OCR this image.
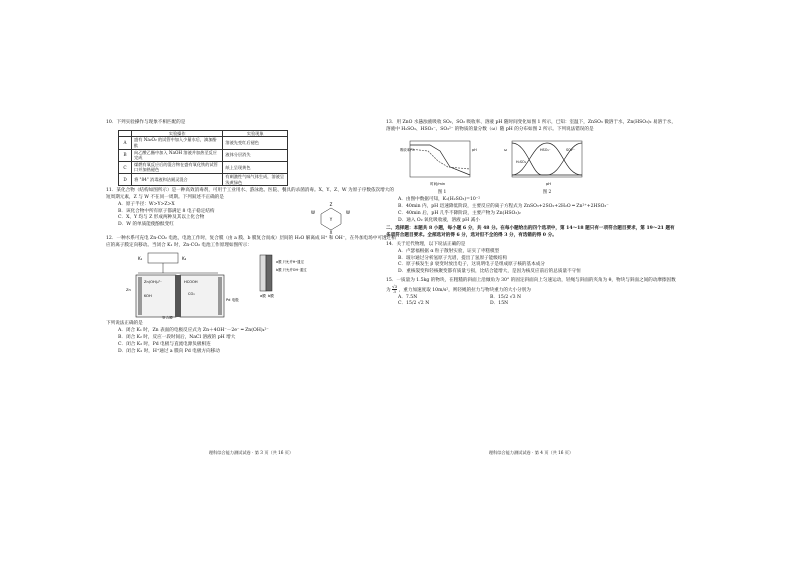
10．下列实验操作与现象不相匹配的是

	实验操作	实验现象
A	盛有 Na₂O₂ 的试管中加入少量水后，滴加酚酞	溶液先变红后褪色
B	向乙酸乙酯中加入 NaOH 溶液并加热至反应完成	液体分层消失
C	煤燃有氧反应后的混合物在盛有氧化铁的试管口并加热褪色	纸上呈现黄色
D	将 "84" 消毒液和洁厕灵混合	有刺激性气味气体生成，溶液呈浅黄绿色

11．某化合物（结构如图所示）是一种高效消毒剂，可用于工业用水、游泳池、医院、餐具的杀菌消毒。X、Y、Z、W 为原子序数依次增大的短周期元素，Z 与 W 不在同一周期。下列叙述不正确的是

A．原子半径：W>Y>Z>X

B．该化合物中所有原子都满足 8 电子稳定结构

C．X、Y 均与 Z 形成两种及其以上化合物

D．W 的单质能使酚酞变红

Z
W	W
Y
X

12．一种水系可充电 Zn-CO₂ 电池，电池工作时，复合膜（由 a 膜、b 膜复合而成）层间的 H₂O 解离成 H⁺ 和 OH⁻，在外加电场中可透过相应的离子膜定向移动。当闭合 K₁ 时，Zn-CO₂ 电池工作原理如图所示：

K₁	K₂
Zn(OH)₄²⁻
KOH
HCOOH
CO₂
Pd 电极
Zn
复合膜
a膜 b膜
a膜 只允许H⁺通过
b膜 只允许OH⁻通过

下列说法正确的是

A．闭合 K₁ 时，Zn 表面的电极反应式为 Zn＋4OH⁻－2e⁻ ═ Zn(OH)₄²⁻

B．闭合 K₂ 时，反应一段时间后，NaCl 溶液的 pH 增大

C．闭合 K₂ 时，Pd 电极与直流电源负极相连

D．闭合 K₂ 时，H⁺通过 a 膜向 Pd 电极方向移动

理科综合能力测试试卷 · 第 3 页（共 16 页）

13．用 ZnO 水悬浊液吸收 SO₂，SO₂ 吸收率、溶液 pH 随时间变化如图 1 所示，已知：室温下，ZnSO₃ 微溶于水，Zn(HSO₃)₂ 易溶于水，溶液中 H₂SO₃、HSO₃⁻、SO₃²⁻ 的物质的量分数（ω）随 pH 的分布如图 2 所示。下列说法错误的是

时间/min
吸收率/%	pH
图 1
H₂SO₃
HSO₃⁻	SO₃²⁻
pH
ω
图 2

A．由图中数据可知，K₁(H₂SO₃)=10⁻²

B．40min 内，pH 迅速降低阶段，主要反应的离子方程式为 ZnSO₃+2SO₂+2H₂O ═ Zn²⁺+2HSO₃⁻

C．40min 后，pH 几乎不降阶段，主要产物为 Zn(HSO₃)₂

D．通入 O₂ 氧化吸收液，溶液 pH 减小

二、选择题：本题共 8 小题，每小题 6 分，共 48 分。在每小题给出的四个选项中，第 14～18 题只有一项符合题目要求，第 19～21 题有多项符合题目要求。全部选对的得 6 分，选对但不全的得 3 分，有选错的得 0 分。

14．关于近代物理，以下说法正确的是

A．卢瑟福根据 α 粒子散射实验，证实了枣糕模型

B．玻尔通过分析氢原子光谱，提出了氢原子能级结构

C．原子核发生 β 衰变时放出电子，这说明电子是组成原子核的基本成分

D．重核裂变和轻核聚变都有质量亏损，比结合能增大，是因为核反应前后的总质量不守恒

15．一质量为 1.5kg 的物块，在粗糙的斜面上沿倾角为 30° 的固定斜面向上匀速运动，轻绳与斜面的夹角为 θ，物块与斜面之间的动摩擦因数为 $\frac{√3}{3}$ ，重力加速度取 10m/s²，则轻绳的拉力与物块重力的大小分别为

A．7.5N	B．15/2 √3 N

C．15/2 √2 N	D．15N

理科综合能力测试试卷 · 第 4 页（共 16 页）
